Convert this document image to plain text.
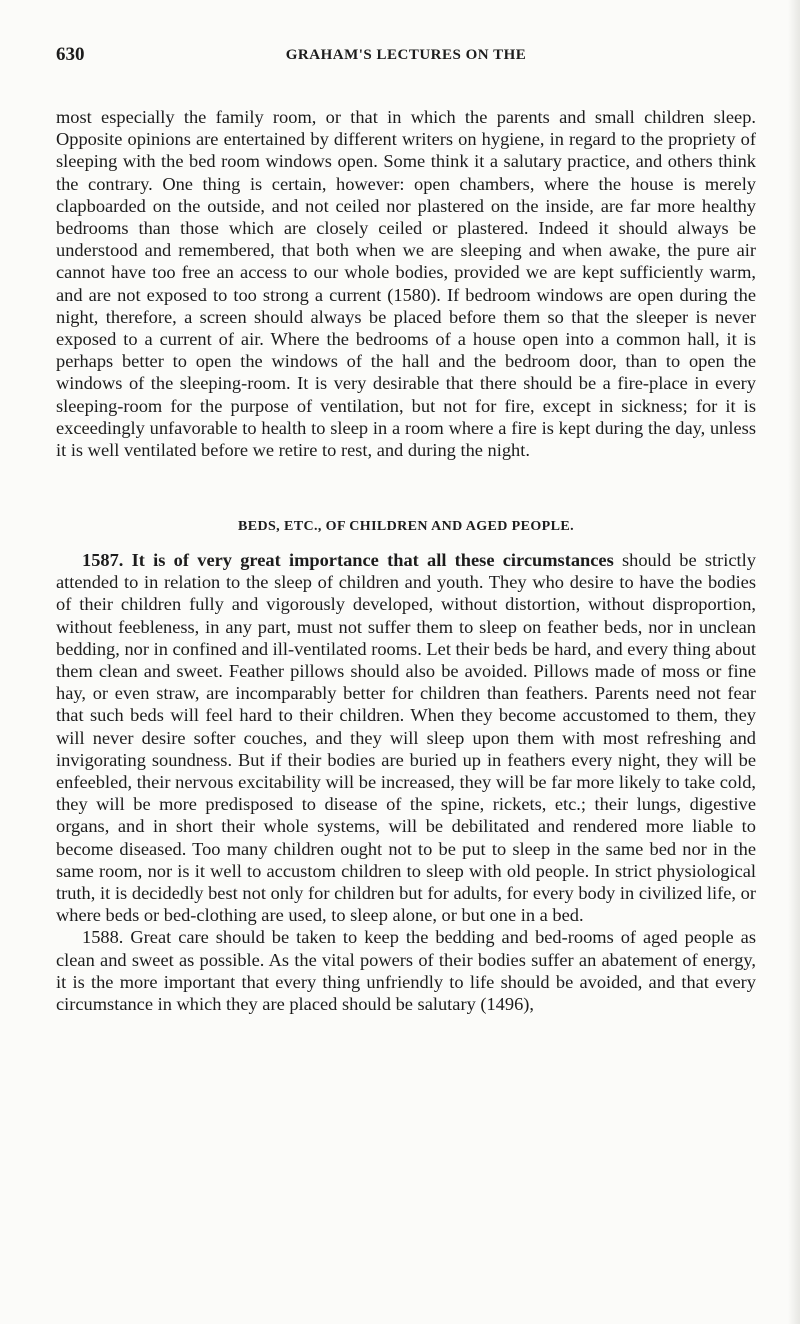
630	GRAHAM'S LECTURES ON THE

most especially the family room, or that in which the parents and small children sleep. Opposite opinions are entertained by different writers on hygiene, in regard to the propriety of sleeping with the bed room windows open. Some think it a salutary practice, and others think the contrary. One thing is certain, however: open chambers, where the house is merely clapboarded on the outside, and not ceiled nor plastered on the inside, are far more healthy bedrooms than those which are closely ceiled or plastered. Indeed it should always be understood and remembered, that both when we are sleeping and when awake, the pure air cannot have too free an access to our whole bodies, provided we are kept sufficiently warm, and are not exposed to too strong a current (1580). If bedroom windows are open during the night, therefore, a screen should always be placed before them so that the sleeper is never exposed to a current of air. Where the bedrooms of a house open into a common hall, it is perhaps better to open the windows of the hall and the bedroom door, than to open the windows of the sleeping-room. It is very desirable that there should be a fire-place in every sleeping-room for the purpose of ventilation, but not for fire, except in sickness; for it is exceedingly unfavorable to health to sleep in a room where a fire is kept during the day, unless it is well ventilated before we retire to rest, and during the night.

BEDS, ETC., OF CHILDREN AND AGED PEOPLE.

1587. It is of very great importance that all these circumstances should be strictly attended to in relation to the sleep of children and youth. They who desire to have the bodies of their children fully and vigorously developed, without distortion, without disproportion, without feebleness, in any part, must not suffer them to sleep on feather beds, nor in unclean bedding, nor in confined and ill-ventilated rooms. Let their beds be hard, and every thing about them clean and sweet. Feather pillows should also be avoided. Pillows made of moss or fine hay, or even straw, are incomparably better for children than feathers. Parents need not fear that such beds will feel hard to their children. When they become accustomed to them, they will never desire softer couches, and they will sleep upon them with most refreshing and invigorating soundness. But if their bodies are buried up in feathers every night, they will be enfeebled, their nervous excitability will be increased, they will be far more likely to take cold, they will be more predisposed to disease of the spine, rickets, etc.; their lungs, digestive organs, and in short their whole systems, will be debilitated and rendered more liable to become diseased. Too many children ought not to be put to sleep in the same bed nor in the same room, nor is it well to accustom children to sleep with old people. In strict physiological truth, it is decidedly best not only for children but for adults, for every body in civilized life, or where beds or bed-clothing are used, to sleep alone, or but one in a bed.

1588. Great care should be taken to keep the bedding and bed-rooms of aged people as clean and sweet as possible. As the vital powers of their bodies suffer an abatement of energy, it is the more important that every thing unfriendly to life should be avoided, and that every circumstance in which they are placed should be salutary (1496),
